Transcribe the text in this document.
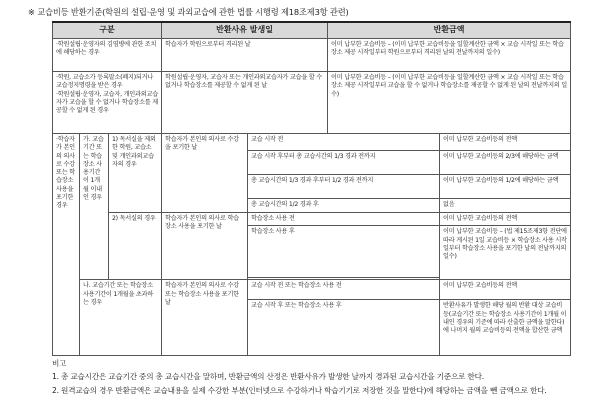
※ 교습비등 반환기준(학원의 설립·운영 및 과외교습에 관한 법률 시행령 제18조제3항 관련)
구분			반환사유 발생일		반환금액	
·학원설립·운영자의 김염병에 관한 조치에 해당하는 경우			학습자가 학원으로부터 격리된 날		이미 납부한 교습비등 – (이미 납부한 교습비등을 일할계산한 금액 × 교습 시작일 또는 학습장소 제공 시작일부터 학원으로부터 격리된 날의 전날까지의 일수)	
·학원, 교습소가 등록말소(폐지)되거나 교습정지명령을 받은 경우
·학원설립·운영자, 교습자, 개인과외교습자가 교습을 할 수 없거나 학습장소를 제공할 수 없게 된 경우			학원설립·운영자, 교습자 또는 개인과외교습자가 교습을 할 수 없거나 학습장소를 제공할 수 없게 된 날		이미 납부한 교습비등 – (이미 납부한 교습비등을 일할계산한 금액 × 교습 시작일 또는 학습장소 제공 시작일부터 교습을 할 수 없거나 학습장소를 제공할 수 없게 된 날의 전날까지의 일수)	
·학습자가 본인의 의사로 수강 또는 학습장소 사용을 포기한 경우	가. 교습기간 또는 학습장소 사용기간이 1개월 이내인 경우	1) 독서실을 제외한 학원, 교습소 및 개인과외교습자의 경우	학습자가 본인의 의사로 수강을 포기한 날	교습 시작 전		이미 납부한 교습비등의 전액
				교습 시작 후부터 총 교습시간의 1/3 경과 전까지		이미 납부한 교습비등의 2/3에 해당하는 금액
				총 교습시간의 1/3 경과 후부터 1/2 경과 전까지		이미 납부한 교습비등의 1/2에 해당하는 금액
				총 교습시간의 1/2 경과 후		없음
		2) 독서실의 경우	학습자가 본인의 의사로 학습장소 사용을 포기한 날	학습장소 사용 전		이미 납부한 교습비등의 전액
				학습장소 사용 후		이미 납부한 교습비등 – (법 제15조제3항 전단에 따라 게시된 1일 교습비등 × 학습장소 사용 시작일부터 학습장소 사용을 포기한 날의 전날까지의 일수)

	나. 교습기간 또는 학습장소 사용기간이 1개월을 초과하는 경우		학습자가 본인의 의사로 수강 또는 학습장소 사용을 포기한 날	교습 시작 전 또는 학습장소 사용 전		이미 납부한 교습비등의 전액
				교습 시작 후 또는 학습장소 사용 후		반환사유가 발생한 해당 월의 반환 대상 교습비등(교습기간 또는 학습장소 사용기간이 1개월 이내인 경우의 기준에 따라 산출한 금액을 말한다)에 나머지 월의 교습비등의 전액을 합산한 금액
비고
1. 총 교습시간은 교습기간 중의 총 교습시간을 말하며, 반환금액의 산정은 반환사유가 발생한 날까지 경과된 교습시간을 기준으로 한다.
2. 원격교습의 경우 반환금액은 교습내용을 실제 수강한 부분(인터넷으로 수강하거나 학습기기로 저장한 것을 말한다)에 해당하는 금액을 뺀 금액으로 한다.
